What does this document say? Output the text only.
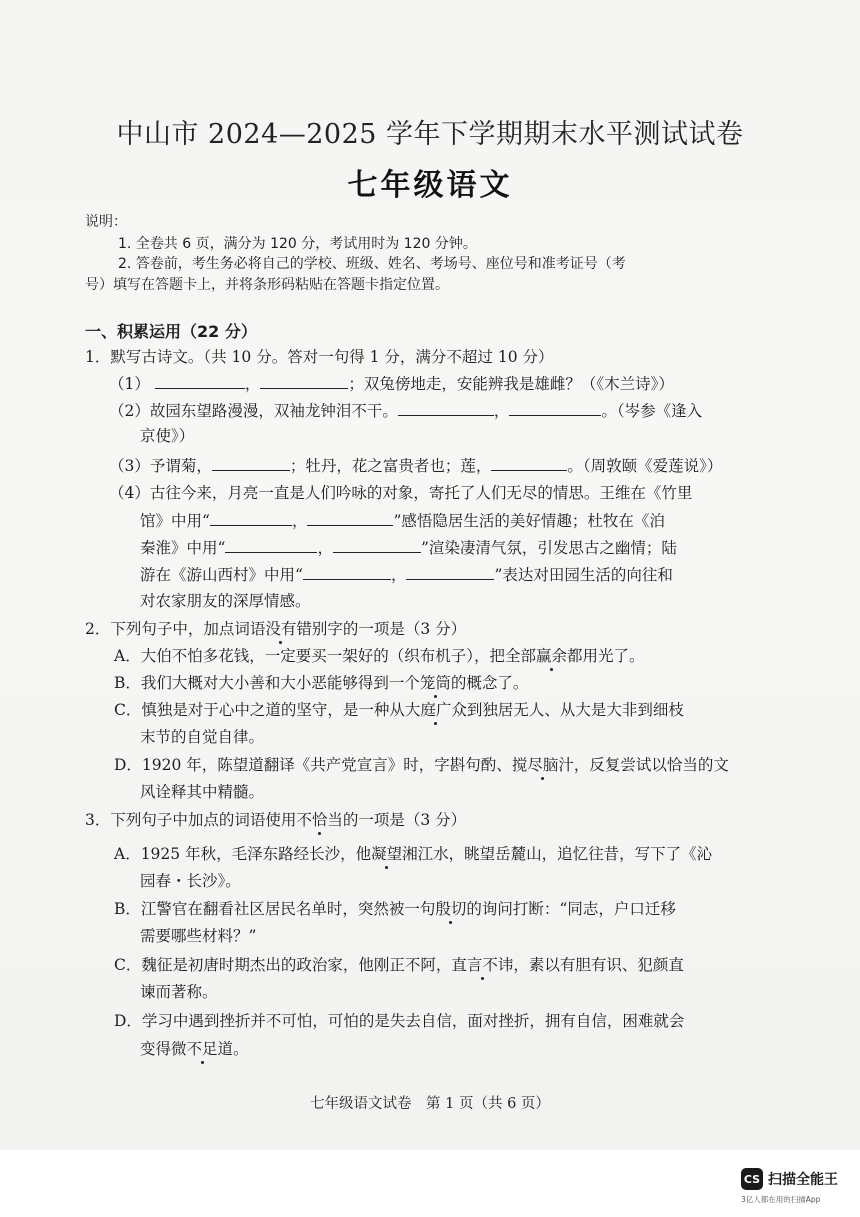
中山市 2024—2025 学年下学期期末水平测试试卷
七年级语文
说明：
1. 全卷共 6 页，满分为 120 分，考试用时为 120 分钟。
2. 答卷前，考生务必将自己的学校、班级、姓名、考场号、座位号和准考证号（考
号）填写在答题卡上，并将条形码粘贴在答题卡指定位置。
一、积累运用（22 分）
1．默写古诗文。（共 10 分。答对一句得 1 分，满分不超过 10 分）
（1）	，	；双兔傍地走，安能辨我是雄雌？（《木兰诗》）
（2）故园东望路漫漫，双袖龙钟泪不干。	，	。（岑参《逢入
京使》）
（3）予谓菊，	；牡丹，花之富贵者也；莲，	。（周敦颐《爱莲说》）
（4）古往今来，月亮一直是人们吟咏的对象，寄托了人们无尽的情思。王维在《竹里
馆》中用“	，	”感悟隐居生活的美好情趣；杜牧在《泊
秦淮》中用“	，	”渲染凄清气氛，引发思古之幽情；陆
游在《游山西村》中用“	，	”表达对田园生活的向往和
对农家朋友的深厚情感。
2．下列句子中，加点词语没有错别字的一项是（3 分）
A．大伯不怕多花钱，一定要买一架好的（织布机子），把全部赢余都用光了。
B．我们大概对大小善和大小恶能够得到一个笼筒的概念了。
C．慎独是对于心中之道的坚守，是一种从大庭广众到独居无人、从大是大非到细枝
末节的自觉自律。
D．1920 年，陈望道翻译《共产党宣言》时，字斟句酌、搅尽脑汁，反复尝试以恰当的文
风诠释其中精髓。
3．下列句子中加点的词语使用不恰当的一项是（3 分）
A．1925 年秋，毛泽东路经长沙，他凝望湘江水，眺望岳麓山，追忆往昔，写下了《沁
园春・长沙》。
B．江警官在翻看社区居民名单时，突然被一句殷切的询问打断：“同志，户口迁移
需要哪些材料？”
C．魏征是初唐时期杰出的政治家，他刚正不阿，直言不讳，素以有胆有识、犯颜直
谏而著称。
D．学习中遇到挫折并不可怕，可怕的是失去自信，面对挫折，拥有自信，困难就会
变得微不足道。
七年级语文试卷　第 1 页（共 6 页）
CS 扫描全能王
3亿人都在用的扫描App
